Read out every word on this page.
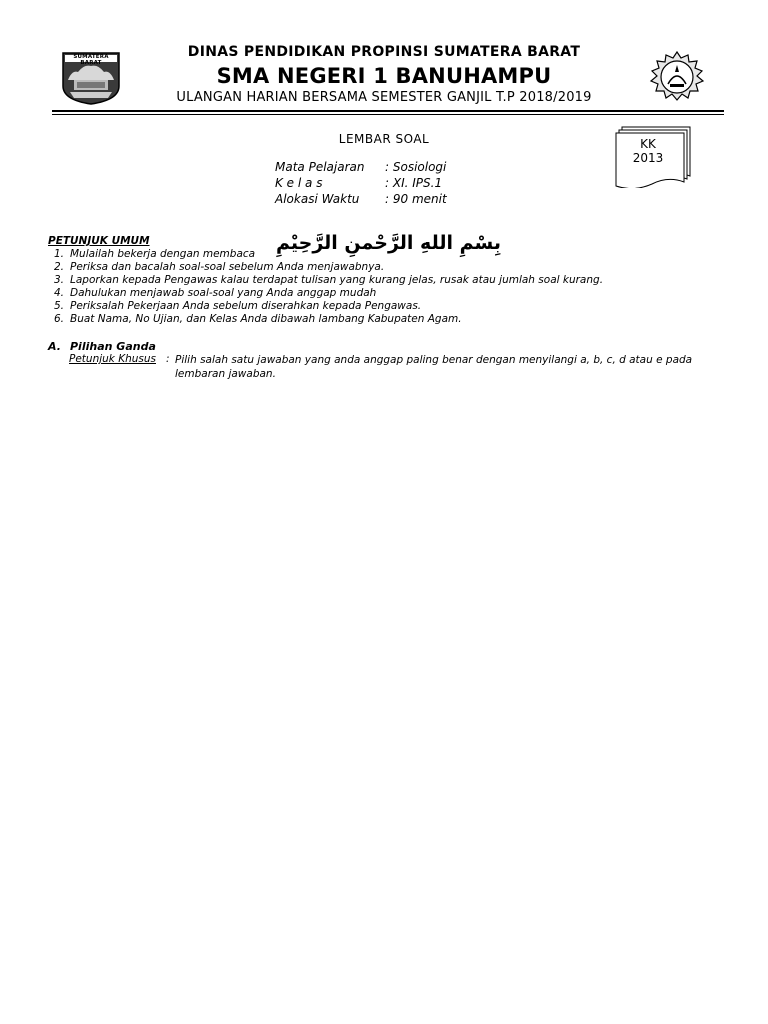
SUMATERA BARAT
DINAS PENDIDIKAN PROPINSI SUMATERA BARAT
SMA NEGERI 1 BANUHAMPU
ULANGAN HARIAN BERSAMA SEMESTER GANJIL T.P 2018/2019
LEMBAR SOAL	KK
2013
Mata Pelajaran : Sosiologi
K e l a s	: XI. IPS.1
Alokasi Waktu : 90 menit
PETUNJUK UMUM	بِسْمِ اللهِ الرَّحْمنِ الرَّحِيْمِ
1. Mulailah bekerja dengan membaca
2. Periksa dan bacalah soal-soal sebelum Anda menjawabnya.
3. Laporkan kepada Pengawas kalau terdapat tulisan yang kurang jelas, rusak atau jumlah soal kurang.
4. Dahulukan menjawab soal-soal yang Anda anggap mudah
5. Periksalah Pekerjaan Anda sebelum diserahkan kepada Pengawas.
6. Buat Nama, No Ujian, dan Kelas Anda dibawah lambang Kabupaten Agam.
A. Pilihan Ganda
Petunjuk Khusus : Pilih salah satu jawaban yang anda anggap paling benar dengan menyilangi a, b, c, d atau e pada lembaran jawaban.
